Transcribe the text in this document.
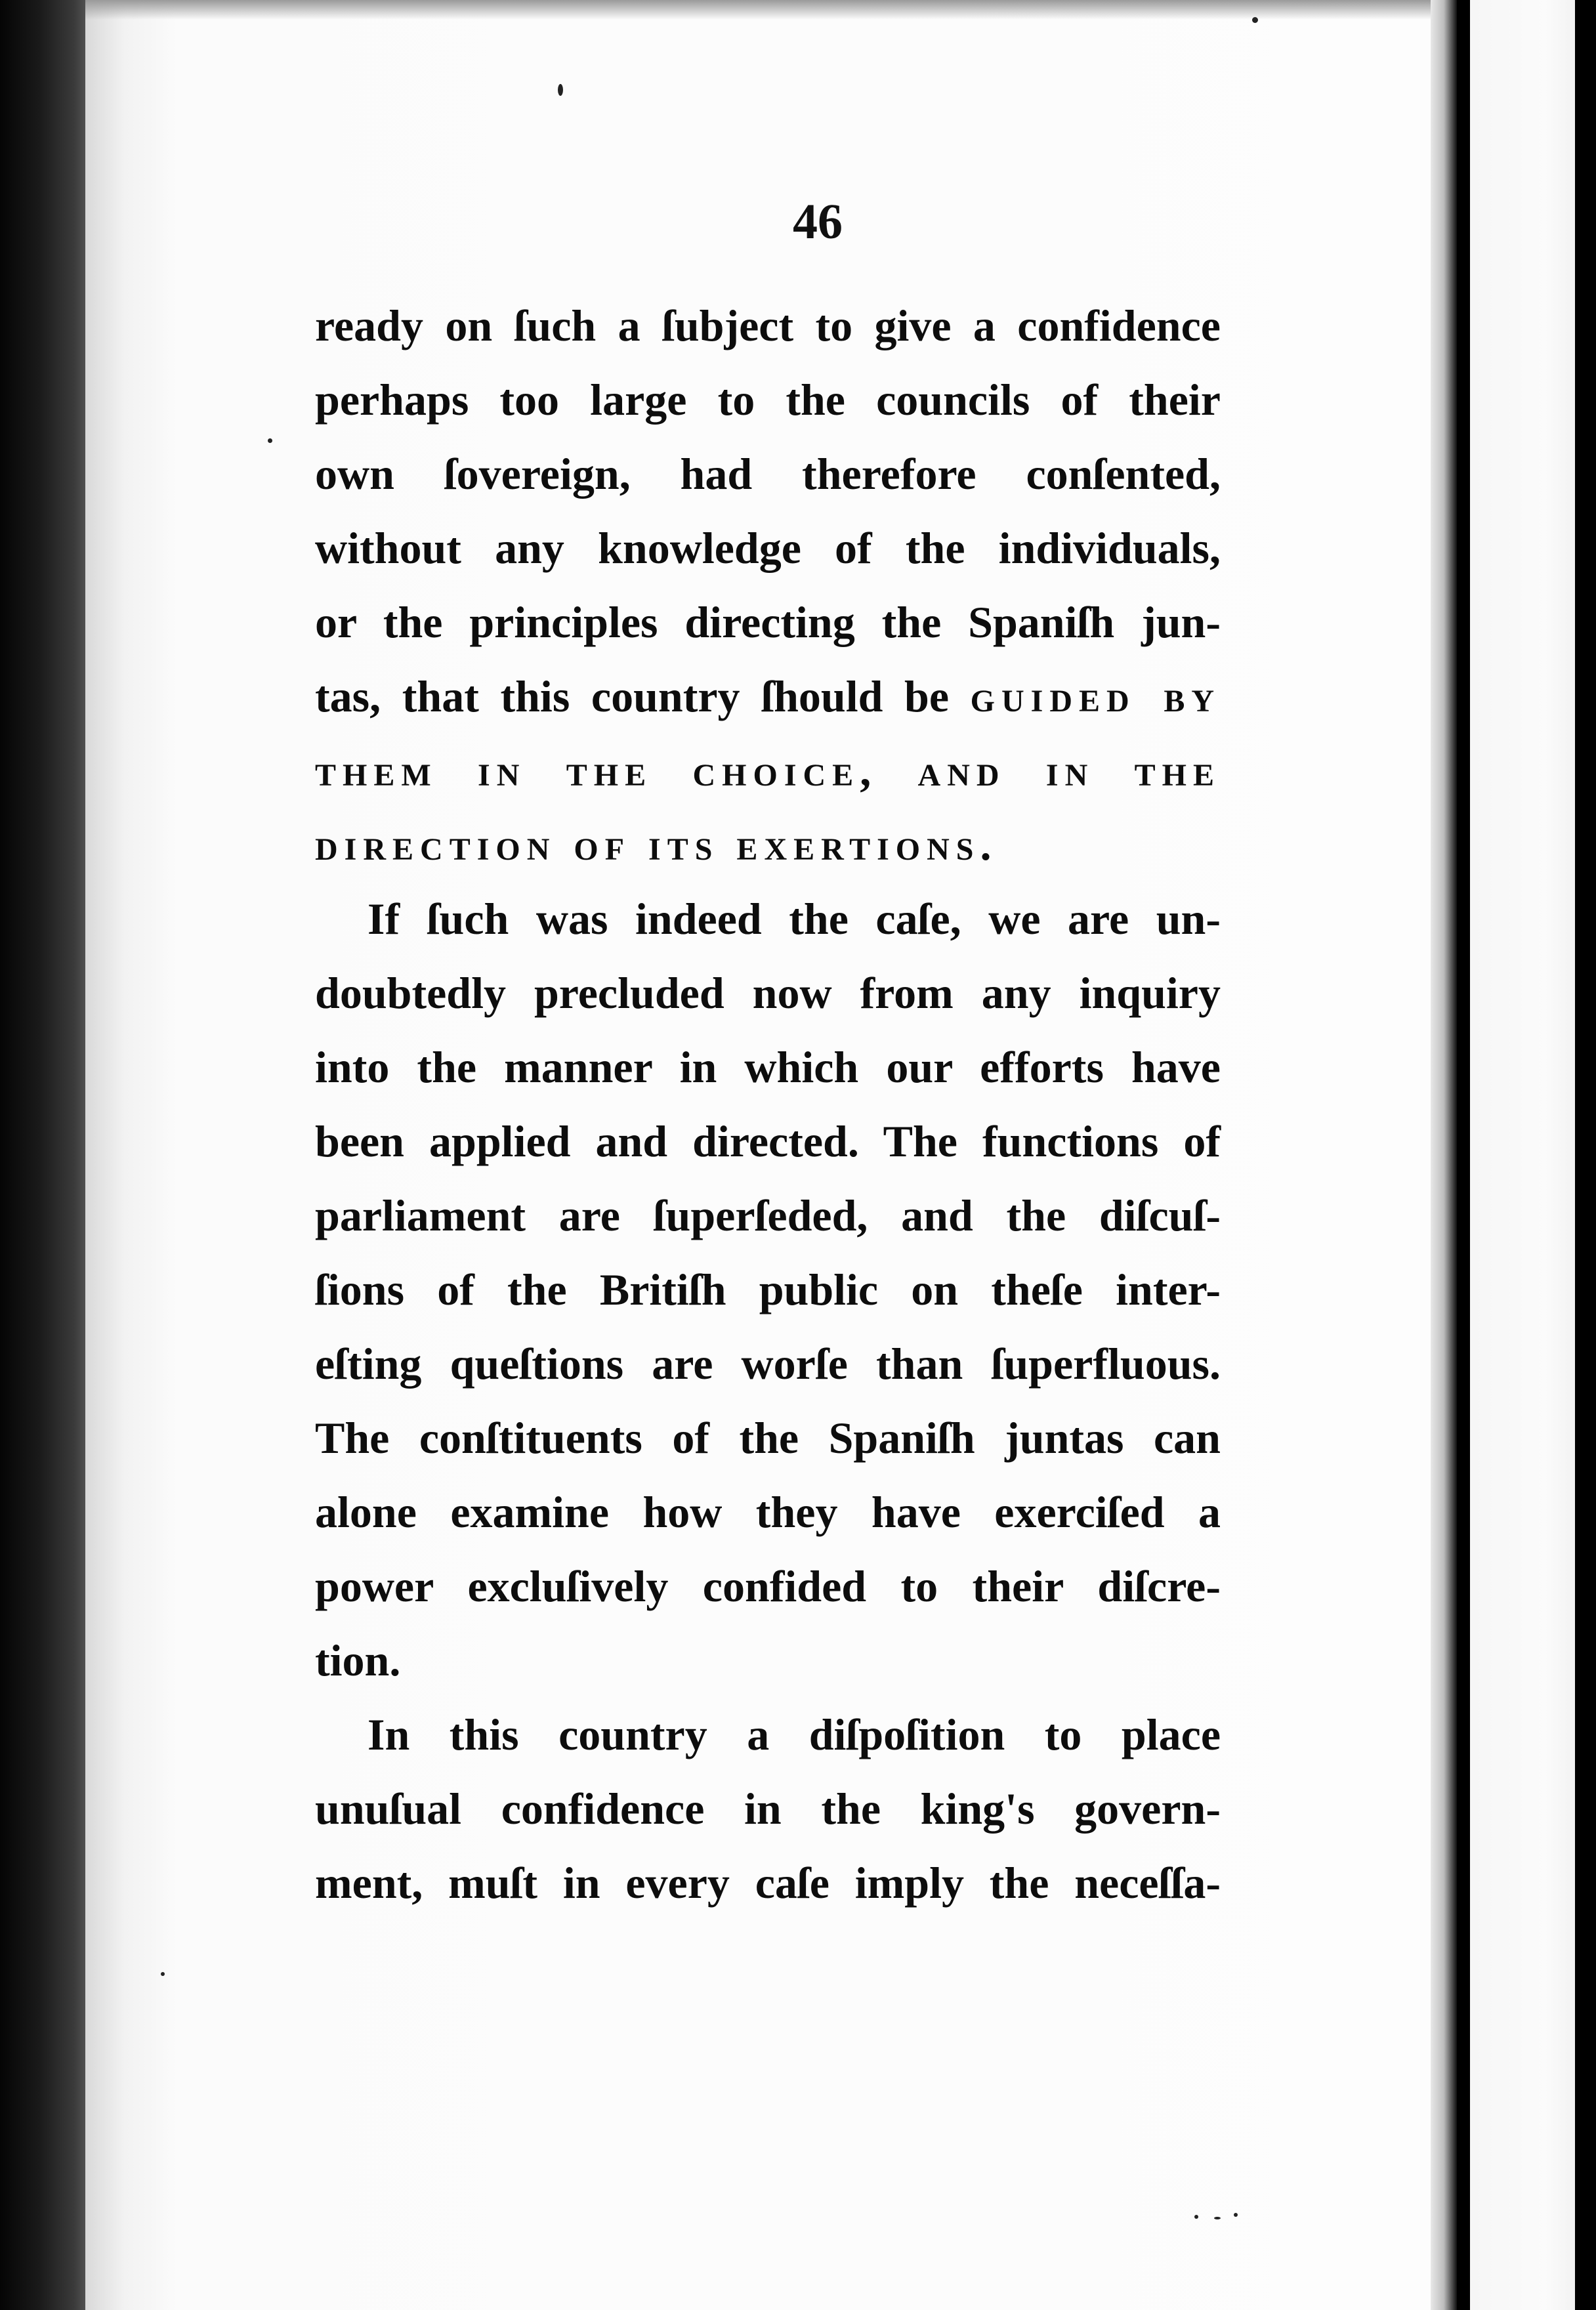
46
ready on ſuch a ſubject to give a confidence
perhaps too large to the councils of their
own ſovereign, had therefore conſented,
without any knowledge of the individuals,
or the principles directing the Spaniſh jun-
tas, that this country ſhould be guided by
them in the choice, and in the
direction of its exertions.
If ſuch was indeed the caſe, we are un-
doubtedly precluded now from any inquiry
into the manner in which our efforts have
been applied and directed. The functions of
parliament are ſuperſeded, and the diſcuſ-
ſions of the Britiſh public on theſe inter-
eſting queſtions are worſe than ſuperfluous.
The conſtituents of the Spaniſh juntas can
alone examine how they have exerciſed a
power excluſively confided to their diſcre-
tion.
In this country a diſpoſition to place
unuſual confidence in the king's govern-
ment, muſt in every caſe imply the neceſſa-
